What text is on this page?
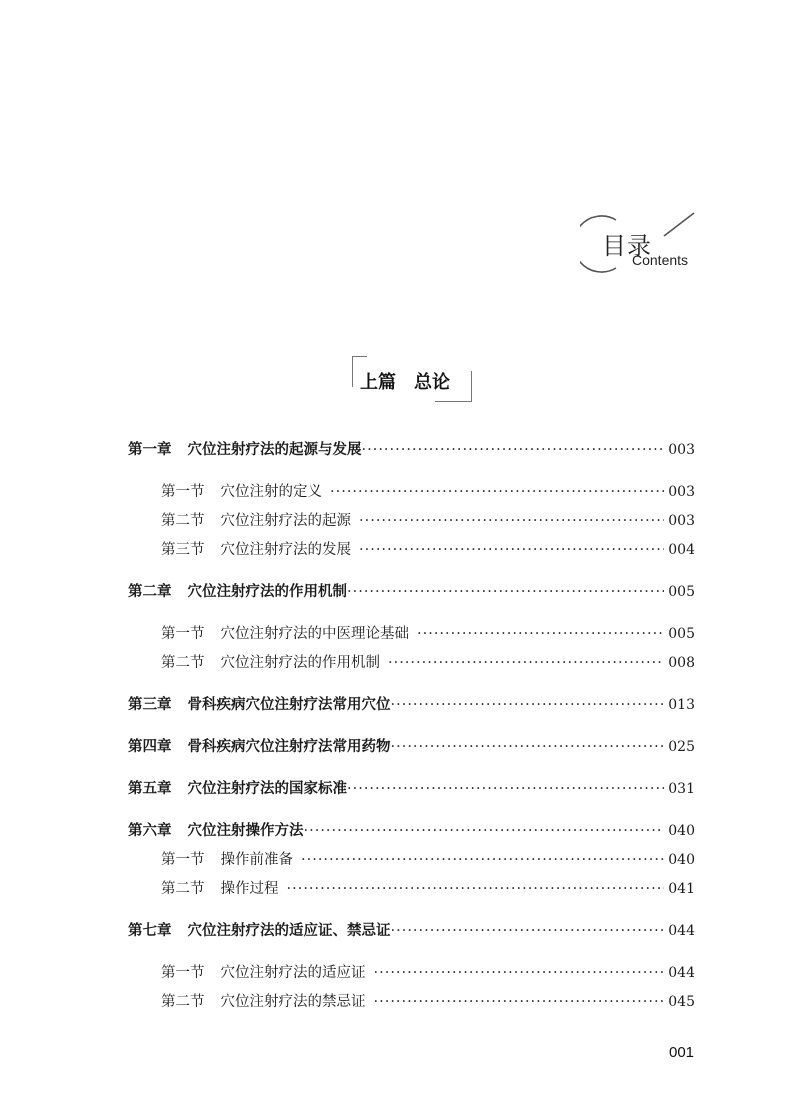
目录
Contents
上篇　总论
第一章 穴位注射疗法的起源与发展 ·····	003
第一节 穴位注射的定义 ·····	003
第二节 穴位注射疗法的起源 ·····	003
第三节 穴位注射疗法的发展 ·····	004
第二章 穴位注射疗法的作用机制 ·····	005
第一节 穴位注射疗法的中医理论基础 ·····	005
第二节 穴位注射疗法的作用机制 ·····	008
第三章 骨科疾病穴位注射疗法常用穴位 ·····	013
第四章 骨科疾病穴位注射疗法常用药物 ·····	025
第五章 穴位注射疗法的国家标准 ·····	031
第六章 穴位注射操作方法 ·····	040
第一节 操作前准备 ·····	040
第二节 操作过程 ·····	041
第七章 穴位注射疗法的适应证、禁忌证 ·····	044
第一节 穴位注射疗法的适应证 ·····	044
第二节 穴位注射疗法的禁忌证 ·····	045
001
